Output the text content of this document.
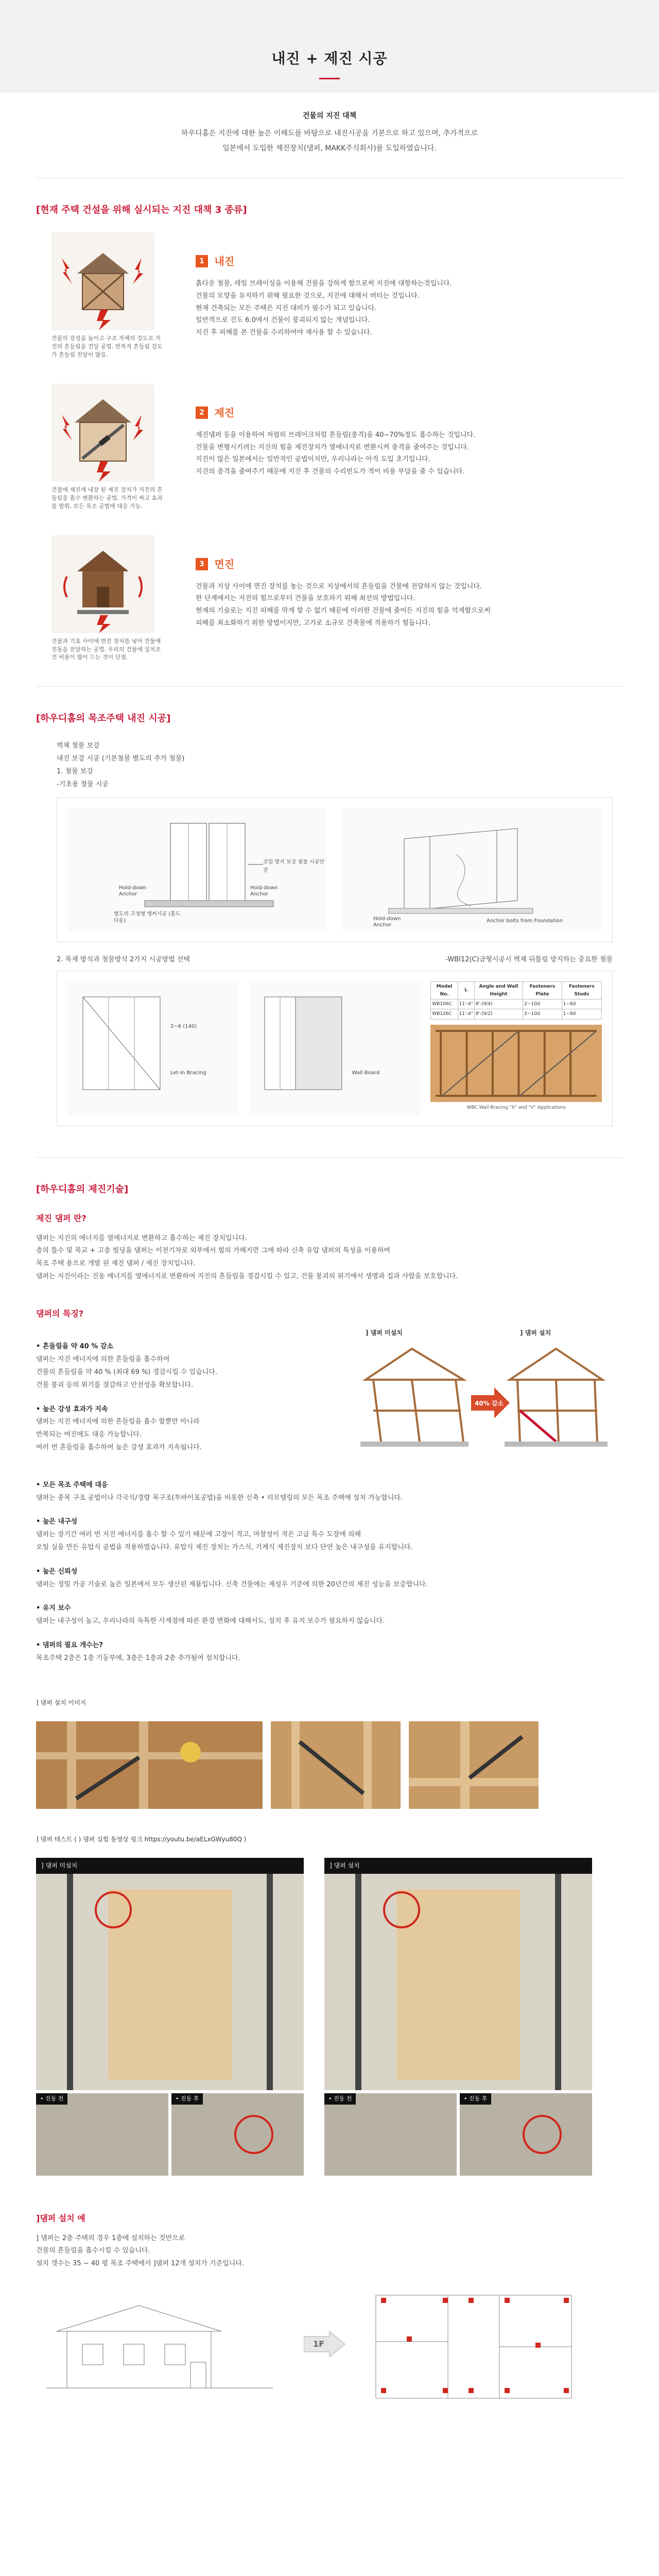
내진 + 제진 시공

건물의 지진 대책

하우디홈은 지진에 대한 높은 이해도를 바탕으로 내진시공을 기본으로 하고 있으며, 추가적으로

일본에서 도입한 제진장치(댐퍼, MAKK주식회사)를 도입하였습니다.

[현재 주택 건설을 위해 실시되는 지진 대책 3 종류]
건물의 강성을 높이고 구조 자체의 강도로 지진의 흔들림을 견딜 공법. 반복적 흔들림 강도가 흔들림 전달이 많음.
1 내진

흙다운 철물, 레일 브레이싱을 이용해 건물을 강하게 함으로써 지진에 대항하는것입니다.

건물의 모양을 유지하기 위해 필요한 것으로, 지진에 대해서 버티는 것입니다.

현재 건축되는 모든 주택은 지진 대비가 필수가 되고 있습니다.

일반적으로 진도 6.0에서 건물이 붕괴되지 않는 개념입니다.

지진 후 피해를 본 건물을 수리하여야 재사용 할 수 있습니다.

건물에 제진재 내장 된 제진 장치가 지진의 흔들림을 흡수 변환하는 공법. 가격이 싸고 효과를 발휘, 모든 목조 공법에 대응 가능.
2 제진

제진댐퍼 등을 이용하여 저렴히 브레이크처럼 흔들림(충격)을 40~70%정도 흡수하는 것입니다.

건물을 변형시키려는 지진의 힘을 제진장치가 열에너지로 변환시켜 충격을 줄여주는 것입니다.

지진이 많은 일본에서는 일반적인 공법이지만, 우리나라는 아직 도입 초기입니다.

지진의 충격을 줄여주기 때문에 지진 후 건물의 수리빈도가 적어 비용 부담을 줄 수 있습니다.

건물과 기초 사이에 면진 장치를 넣어 건물에 진동을 전달하는 공법. 우리의 건물에 설치조건 비용이 많이 드는 것이 단점.
3 면진

건물과 지상 사이에 면진 장치를 놓는 것으로 지상에서의 흔들림을 건물에 전달하지 않는 것입니다.

한 단계에서는 지진의 힘으로부터 건물을 보호하기 위해 최선의 방법입니다.

현재의 기술로는 지진 피해를 막게 할 수 없기 때문에 이러한 건물에 줄어든 지진의 힘을 억제함으로써

피해를 최소화하기 위한 방법이지만, 고가로 소규모 건축물에 적용하기 힘듭니다.

[하우디홈의 목조주택 내진 시공]

벽체 철물 보강

내진 보강 시공 (기본철물 별도의 추가 철물)

1. 철물 보강

-기초용 철물 시공

코일 방지 보강 철물 시공안전
Hold-down Anchor
Hold-down Anchor
별도의 고정형 앵커시공 (홀드다운)	Hold-down Anchor
Anchor bolts from Foundation
2. 목재 방식과 철물방식 2가지 시공방법 선택	-WBI12(C)금형시공시 벽체 뒤틀림 방지하는 중요한 철물
2~6 (140)
Let-In Bracing	Wall Board
Model No.	L	Angle and Wall Height	Fasteners Plate	Fasteners Studs
WB106C	11'-4"	8'-(9/4)	2~10d	1~8d
WB126C	11'-4"	8'-(9/2)	2~10d	1~8d
WBC Wall Bracing "X" and "V" Applications
[하우디홈의 제진기술]
제진 댐퍼 란?

댐퍼는 지진의 에너지를 열에너지로 변환하고 흡수하는 제진 장치입니다.

층의 틀수 및 목교 + 고층 빌딩을 댐퍼는 이전기차로 외부에서 힘의 가해지면 그에 따라 신축 유압 댐퍼의 특성을 이용하여

목조 주택 용으로 개발 된 제진 댐퍼 / 제진 장치입니다.

댐퍼는 지진이라는 진동 에너지를 열에너지로 변환하여 지진의 흔들림을 경감시킬 수 있고, 건물 붕괴의 위기에서 생명과 집과 사람을 보호합니다.

댐퍼의 특징?
• 흔들림을 약 40 % 감소

댐퍼는 지진 에너지에 의한 흔들림을 흡수하여

건물의 흔들림을 약 40 % (최대 69 %) 경감시킬 수 있습니다.

건물 붕괴 등의 위기를 절감하고 안전성을 확보합니다.

• 높은 강성 효과가 지속

댐퍼는 지진 에너지에 의한 흔들림을 흡수 할뿐만 아니라

반복되는 여진에도 대응 가능합니다.

여러 번 흔들림을 흡수하여 높은 강성 효과가 지속됩니다.

] 댐퍼 미설치	] 댐퍼 설치
40% 감소
• 모든 목조 주택에 대응

댐퍼는 종목 구조 공법이나 각국식/경량 목구조(투바이포공법)을 비롯한 신축 • 리모델링의 모든 목조 주택에 설치 가능합니다.

• 높은 내구성

댐퍼는 장기간 여러 번 지진 에너지를 흡수 할 수 있기 때문에 고장이 적고, 마찰성이 적은 고급 특수 도장에 의해

오일 실을 만든 유압식 공법을 적용하였습니다. 유압식 제진 장치는 가스식, 기계식 제진장치 보다 단연 높은 내구성을 유지합니다.

• 높은 신뢰성

댐퍼는 정밀 가공 기술로 높은 일본에서 모두 생산된 제품입니다. 신축 건물에는 제성우 기준에 의한 20년간의 제진 성능을 보증합니다.

• 유지 보수

댐퍼는 내구성이 높고, 우리나라의 독특한 사계절에 따른 환경 변화에 대해서도, 설치 후 유지 보수가 필요하지 않습니다.

• 댐퍼의 필요 개수는?

목조주택 2층은 1층 기둥부에, 3층은 1층과 2층 추가될여 설치합니다.

] 댐퍼 설치 이미지
] 댐퍼 테스트 ( ) 댐퍼 실험 동영상 링크 https://youtu.be/aELxGWyu80Q )
] 댐퍼 미설치
• 진동 전	• 진동 후
] 댐퍼 설치
• 진동 전	• 진동 후
]댐퍼 설치 예

] 댐퍼는 2층 주택의 경우 1층에 설치하는 것만으로

건물의 흔들림을 흡수시킬 수 있습니다.

설치 갯수는 35 ~ 40 평 목조 주택에서 ]댐퍼 12개 설치가 기준입니다.

1F
